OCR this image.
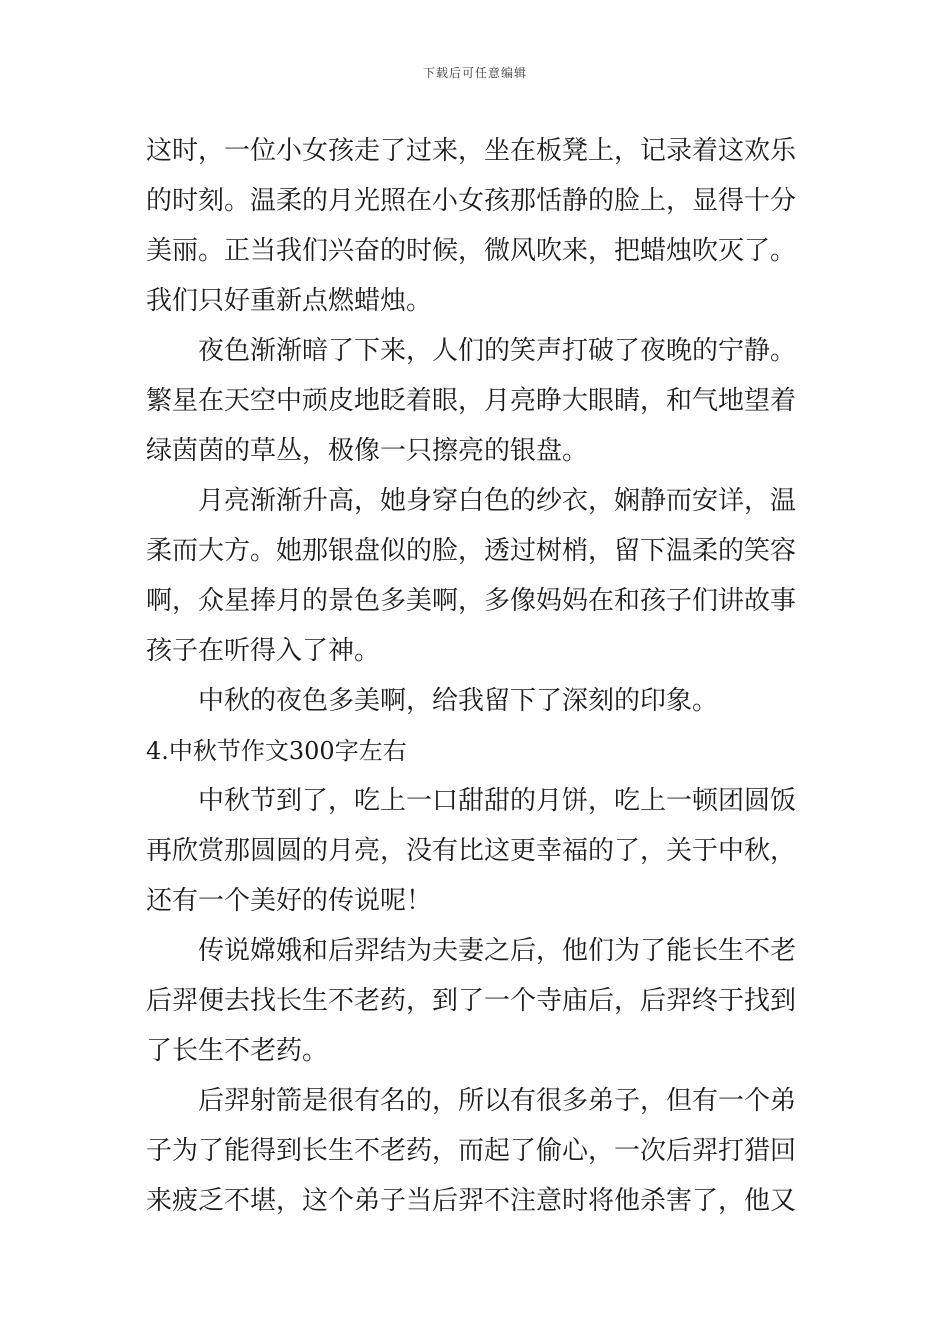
下载后可任意编辑
这时，一位小女孩走了过来，坐在板凳上，记录着这欢乐
的时刻。温柔的月光照在小女孩那恬静的脸上，显得十分
美丽。正当我们兴奋的时候，微风吹来，把蜡烛吹灭了。
我们只好重新点燃蜡烛。
夜色渐渐暗了下来，人们的笑声打破了夜晚的宁静。
繁星在天空中顽皮地眨着眼，月亮睁大眼睛，和气地望着
绿茵茵的草丛，极像一只擦亮的银盘。
月亮渐渐升高，她身穿白色的纱衣，娴静而安详，温
柔而大方。她那银盘似的脸，透过树梢，留下温柔的笑容
啊，众星捧月的景色多美啊，多像妈妈在和孩子们讲故事
孩子在听得入了神。
中秋的夜色多美啊，给我留下了深刻的印象。
4.中秋节作文300字左右
中秋节到了，吃上一口甜甜的月饼，吃上一顿团圆饭
再欣赏那圆圆的月亮，没有比这更幸福的了，关于中秋，
还有一个美好的传说呢！
传说嫦娥和后羿结为夫妻之后，他们为了能长生不老
后羿便去找长生不老药，到了一个寺庙后，后羿终于找到
了长生不老药。
后羿射箭是很有名的，所以有很多弟子，但有一个弟
子为了能得到长生不老药，而起了偷心，一次后羿打猎回
来疲乏不堪，这个弟子当后羿不注意时将他杀害了，他又
